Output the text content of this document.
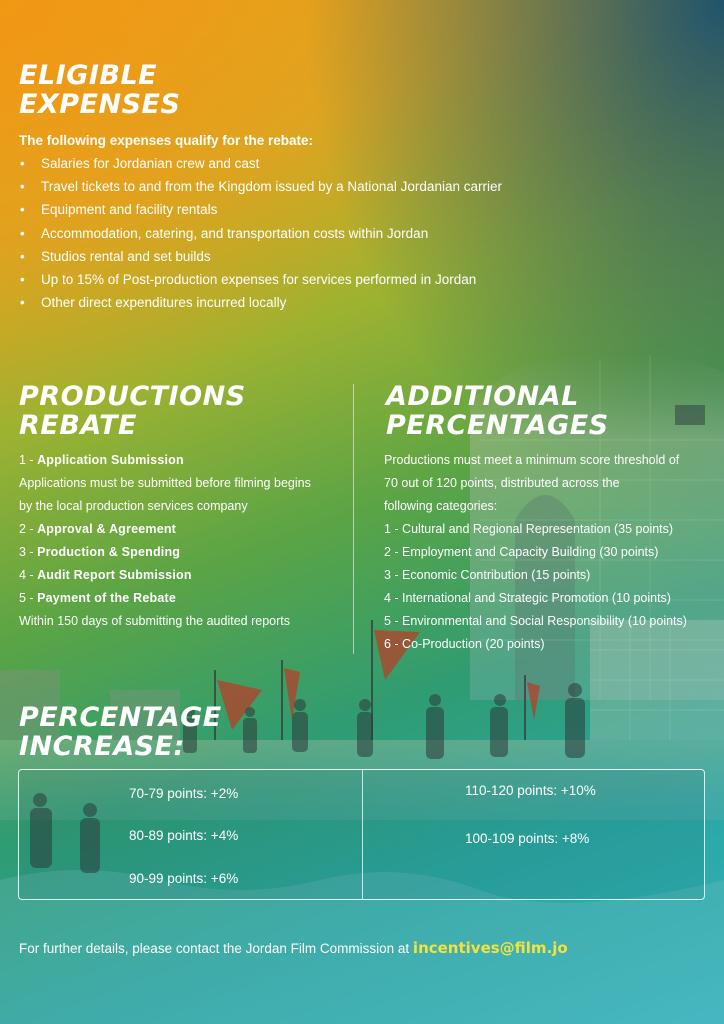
ELIGIBLE
EXPENSES

The following expenses qualify for the rebate:

• Salaries for Jordanian crew and cast
• Travel tickets to and from the Kingdom issued by a National Jordanian carrier
• Equipment and facility rentals
• Accommodation, catering, and transportation costs within Jordan
• Studios rental and set builds
• Up to 15% of Post-production expenses for services performed in Jordan
• Other direct expenditures incurred locally
PRODUCTIONS
REBATE
1 - Application Submission
Applications must be submitted before filming begins
by the local production services company
2 - Approval & Agreement
3 - Production & Spending
4 - Audit Report Submission
5 - Payment of the Rebate
Within 150 days of submitting the audited reports
ADDITIONAL
PERCENTAGES
Productions must meet a minimum score threshold of
70 out of 120 points, distributed across the
following categories:
1 - Cultural and Regional Representation (35 points)
2 - Employment and Capacity Building (30 points)
3 - Economic Contribution (15 points)
4 - International and Strategic Promotion (10 points)
5 - Environmental and Social Responsibility (10 points)
6 - Co-Production (20 points)
PERCENTAGE
INCREASE:
70-79 points: +2%
80-89 points: +4%
90-99 points: +6%
110-120 points: +10%
100-109 points: +8%
For further details, please contact the Jordan Film Commission at incentives@film.jo
